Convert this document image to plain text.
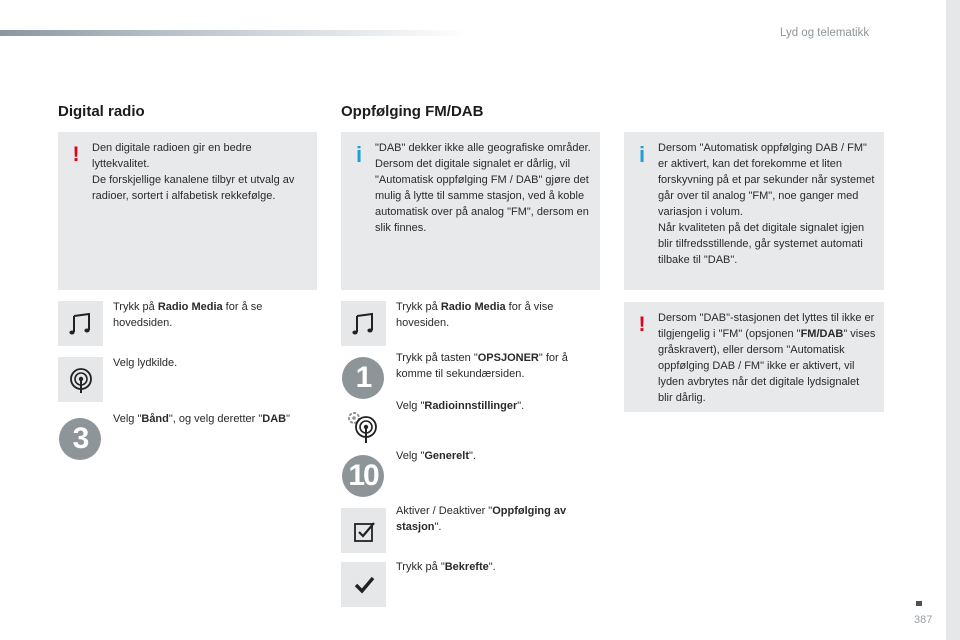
Lyd og telematikk
Digital radio
! Den digitale radioen gir en bedre lyttekvalitet.

De forskjellige kanalene tilbyr et utvalg av radioer, sortert i alfabetisk rekkefølge.

Trykk på Radio Media for å se hovedsiden.
Velg lydkilde.
3
Velg "Bånd", og velg deretter "DAB"
Oppfølging FM/DAB
i "DAB" dekker ikke alle geografiske områder.

Dersom det digitale signalet er dårlig, vil "Automatisk oppfølging FM / DAB" gjøre det mulig å lytte til samme stasjon, ved å koble automatisk over på analog "FM", dersom en slik finnes.

i Dersom "Automatisk oppfølging DAB / FM" er aktivert, kan det forekomme et liten forskyvning på et par sekunder når systemet går over til analog "FM", noe ganger med variasjon i volum.

Når kvaliteten på det digitale signalet igjen blir tilfredsstillende, går systemet automati tilbake til "DAB".

! Dersom "DAB"-stasjonen det lyttes til ikke er tilgjengelig i "FM" (opsjonen "FM/DAB" vises gråskravert), eller dersom "Automatisk oppfølging DAB / FM" ikke er aktivert, vil lyden avbrytes når det digitale lydsignalet blir dårlig.

Trykk på Radio Media for å vise hovesiden.
1
Trykk på tasten "OPSJONER" for å komme til sekundærsiden.
Velg "Radioinnstillinger".
10
Velg "Generelt".
Aktiver / Deaktiver "Oppfølging av stasjon".
Trykk på "Bekrefte".
387
